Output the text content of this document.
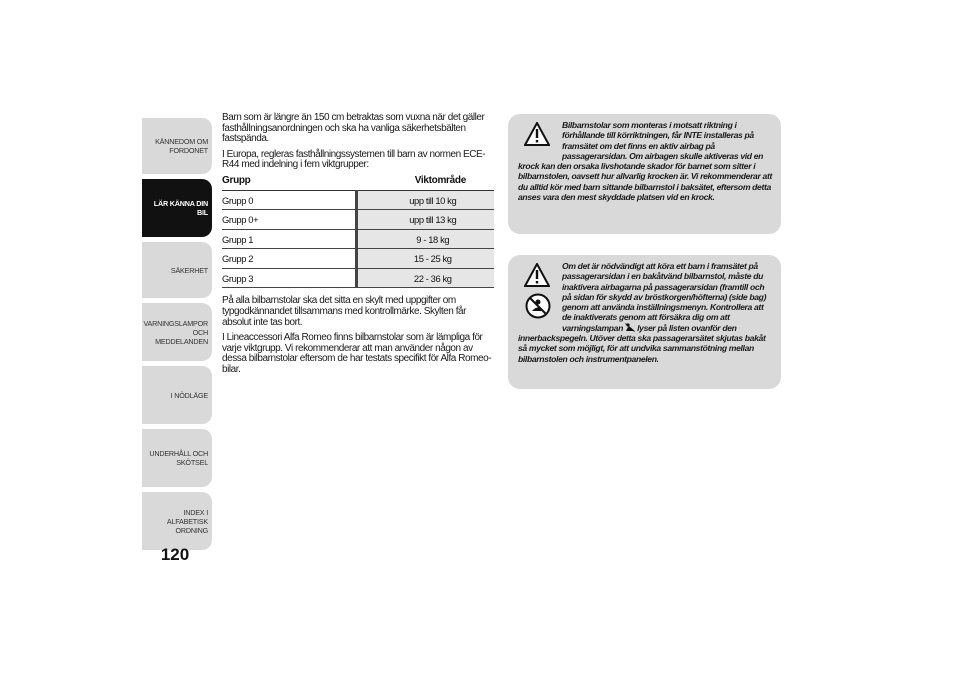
KÄNNEDOM OM FORDONET
LÄR KÄNNA DIN BIL
SÄKERHET
VARNINGSLAMPOR OCH MEDDELANDEN
I NÖDLÄGE
UNDERHÅLL OCH SKÖTSEL
INDEX I ALFABETISK ORDNING
120

Barn som är längre än 150 cm betraktas som vuxna när det gäller fasthållningsanordningen och ska ha vanliga säkerhetsbälten fastspända.

I Europa, regleras fasthållningssystemen till barn av normen ECE-R44 med indelning i fem viktgrupper:

Grupp	Viktområde
Grupp 0	upp till 10 kg
Grupp 0+	upp till 13 kg
Grupp 1	9 - 18 kg
Grupp 2	15 - 25 kg
Grupp 3	22 - 36 kg

På alla bilbarnstolar ska det sitta en skylt med uppgifter om typgodkännandet tillsammans med kontrollmärke. Skylten får absolut inte tas bort.

I Lineaccessori Alfa Romeo finns bilbarnstolar som är lämpliga för varje viktgrupp. Vi rekommenderar att man använder någon av dessa bilbarnstolar eftersom de har testats specifikt för Alfa Romeo-bilar.

Bilbarnstolar som monteras i motsatt riktning i förhållande till körriktningen, får INTE installeras på framsätet om det finns en aktiv airbag på passagerarsidan. Om airbagen skulle aktiveras vid en krock kan den orsaka livshotande skador för barnet som sitter i bilbarnstolen, oavsett hur allvarlig krocken är. Vi rekommenderar att du alltid kör med barn sittande bilbarnstol i baksätet, eftersom detta anses vara den mest skyddade platsen vid en krock.
Om det är nödvändigt att köra ett barn i framsätet på passagerarsidan i en bakåtvänd bilbarnstol, måste du inaktivera airbagarna på passagerarsidan (framtill och på sidan för skydd av bröstkorgen/höfterna) (side bag) genom att använda inställningsmenyn. Kontrollera att de inaktiverats genom att försäkra dig om att varningslampan  lyser på listen ovanför den innerbackspegeln. Utöver detta ska passagerarsätet skjutas bakåt så mycket som möjligt, för att undvika sammanstötning mellan bilbarnstolen och instrumentpanelen.
